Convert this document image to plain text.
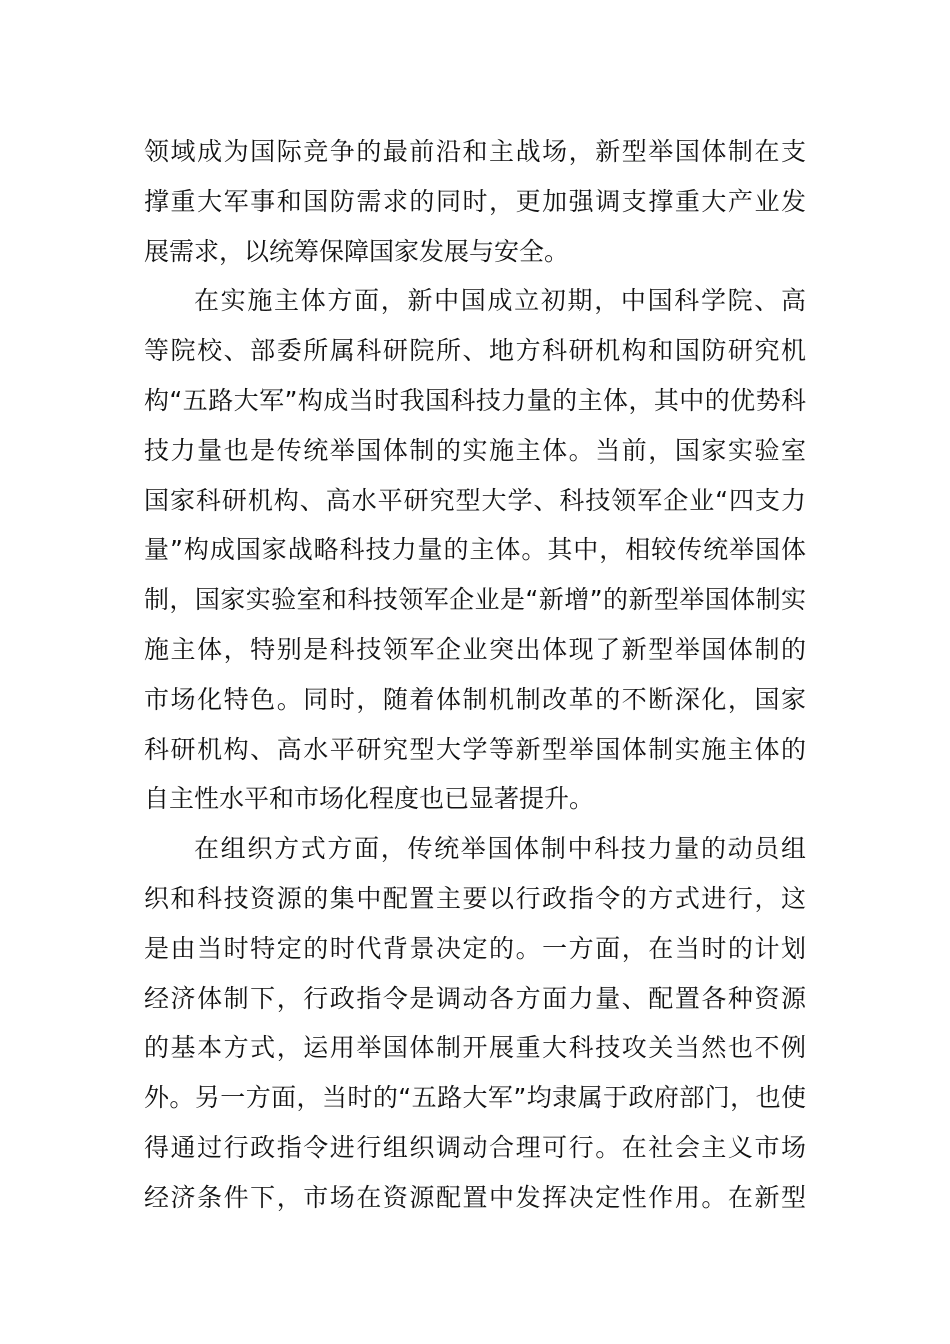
领域成为国际竞争的最前沿和主战场，新型举国体制在支
撑重大军事和国防需求的同时，更加强调支撑重大产业发
展需求，以统筹保障国家发展与安全。
在实施主体方面，新中国成立初期，中国科学院、高
等院校、部委所属科研院所、地方科研机构和国防研究机
构“五路大军”构成当时我国科技力量的主体，其中的优势科
技力量也是传统举国体制的实施主体。当前，国家实验室
国家科研机构、高水平研究型大学、科技领军企业“四支力
量”构成国家战略科技力量的主体。其中，相较传统举国体
制，国家实验室和科技领军企业是“新增”的新型举国体制实
施主体，特别是科技领军企业突出体现了新型举国体制的
市场化特色。同时，随着体制机制改革的不断深化，国家
科研机构、高水平研究型大学等新型举国体制实施主体的
自主性水平和市场化程度也已显著提升。
在组织方式方面，传统举国体制中科技力量的动员组
织和科技资源的集中配置主要以行政指令的方式进行，这
是由当时特定的时代背景决定的。一方面，在当时的计划
经济体制下，行政指令是调动各方面力量、配置各种资源
的基本方式，运用举国体制开展重大科技攻关当然也不例
外。另一方面，当时的“五路大军”均隶属于政府部门，也使
得通过行政指令进行组织调动合理可行。在社会主义市场
经济条件下，市场在资源配置中发挥决定性作用。在新型
